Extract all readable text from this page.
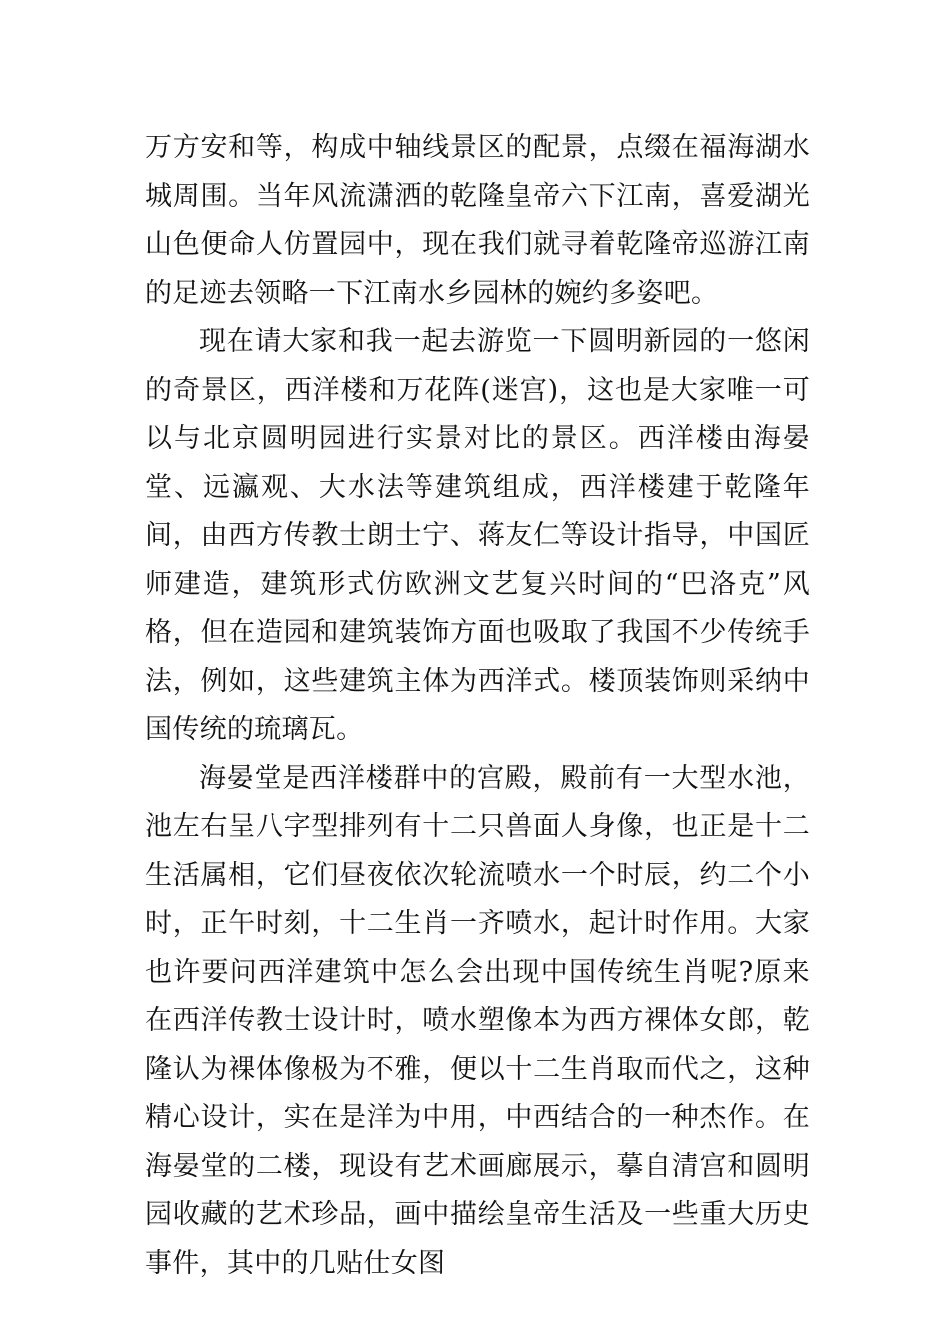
万方安和等，构成中轴线景区的配景，点缀在福海湖水城周围。当年风流潇洒的乾隆皇帝六下江南，喜爱湖光山色便命人仿置园中，现在我们就寻着乾隆帝巡游江南的足迹去领略一下江南水乡园林的婉约多姿吧。

现在请大家和我一起去游览一下圆明新园的一悠闲的奇景区，西洋楼和万花阵(迷宫)，这也是大家唯一可以与北京圆明园进行实景对比的景区。西洋楼由海晏堂、远瀛观、大水法等建筑组成，西洋楼建于乾隆年间，由西方传教士朗士宁、蒋友仁等设计指导，中国匠师建造，建筑形式仿欧洲文艺复兴时间的“巴洛克”风格，但在造园和建筑装饰方面也吸取了我国不少传统手法，例如，这些建筑主体为西洋式。楼顶装饰则采纳中国传统的琉璃瓦。

海晏堂是西洋楼群中的宫殿，殿前有一大型水池，池左右呈八字型排列有十二只兽面人身像，也正是十二生活属相，它们昼夜依次轮流喷水一个时辰，约二个小时，正午时刻，十二生肖一齐喷水，起计时作用。大家也许要问西洋建筑中怎么会出现中国传统生肖呢?原来在西洋传教士设计时，喷水塑像本为西方裸体女郎，乾隆认为裸体像极为不雅，便以十二生肖取而代之，这种精心设计，实在是洋为中用，中西结合的一种杰作。在海晏堂的二楼，现设有艺术画廊展示，摹自清宫和圆明园收藏的艺术珍品，画中描绘皇帝生活及一些重大历史事件，其中的几贴仕女图
